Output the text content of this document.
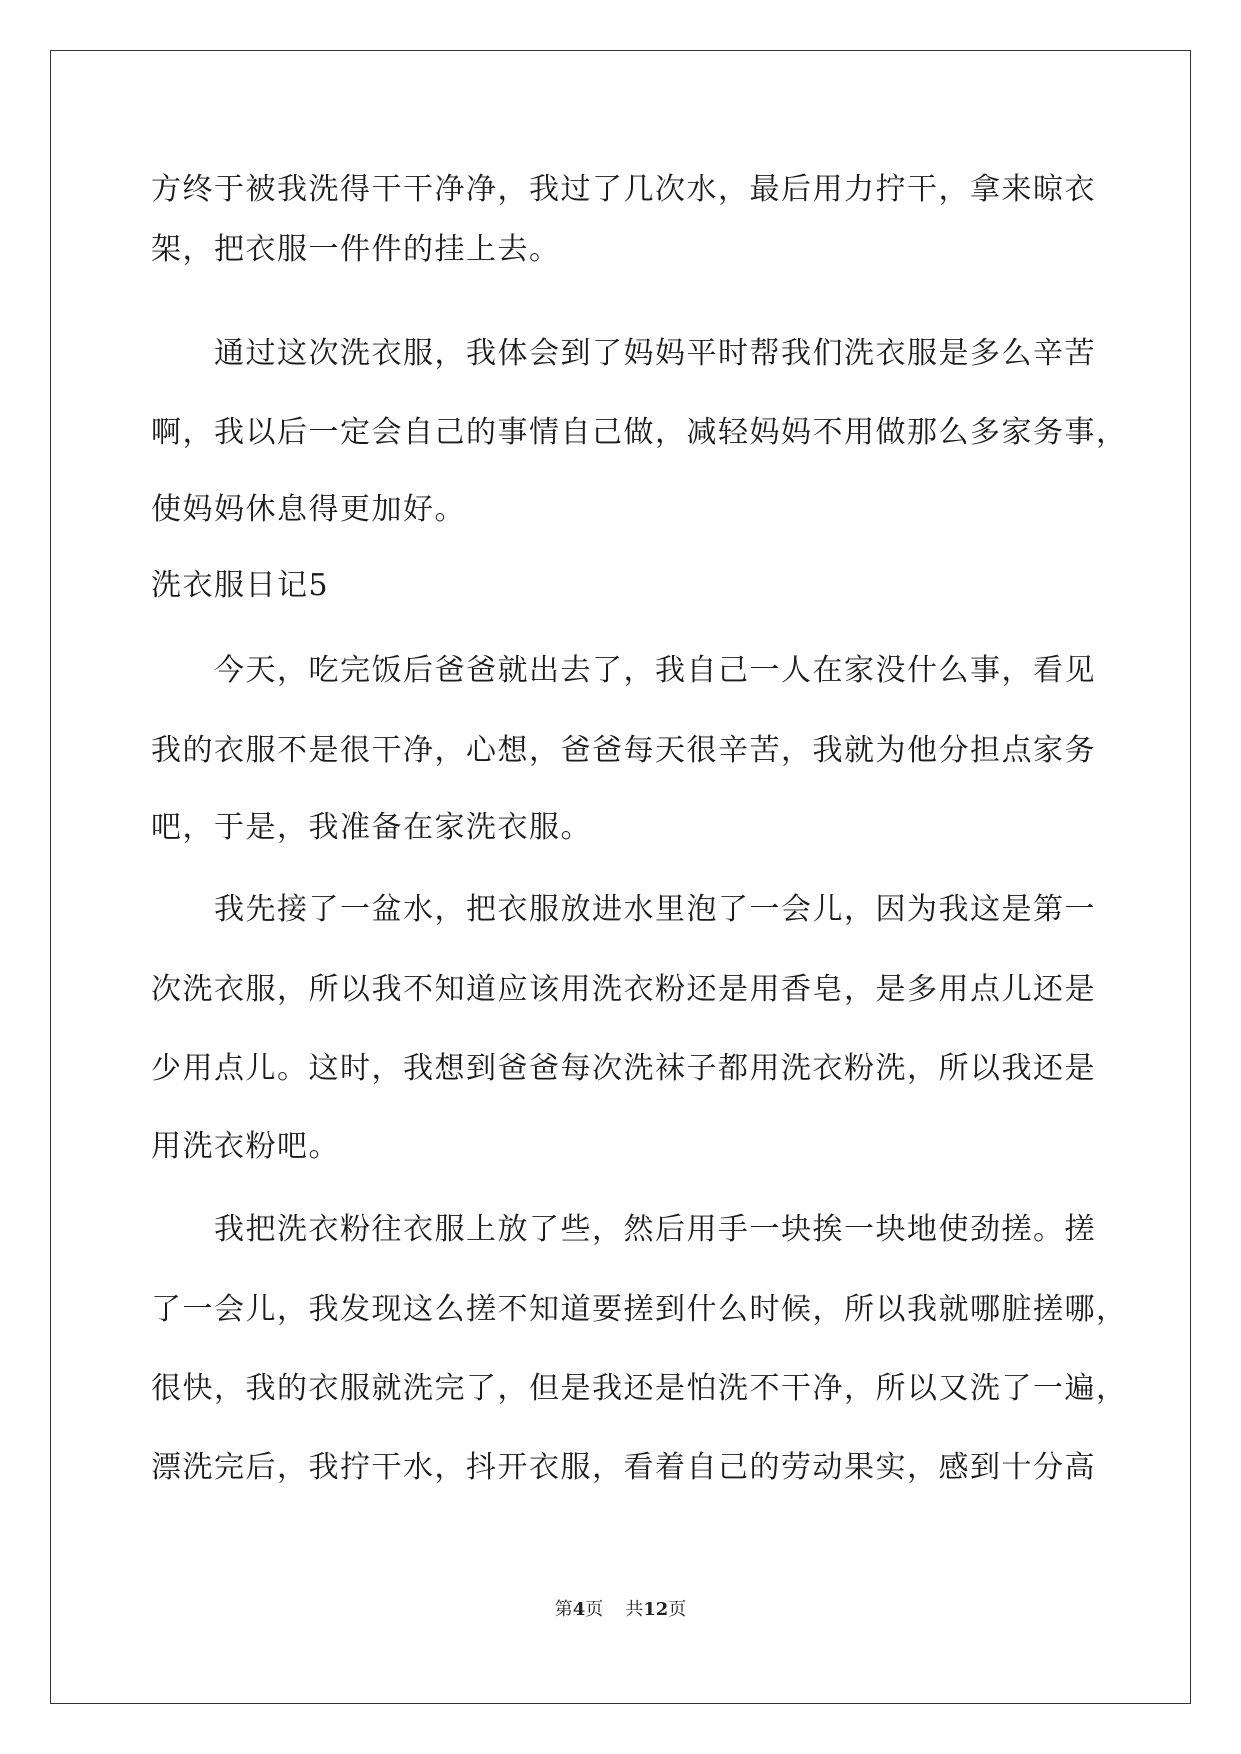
方终于被我洗得干干净净，我过了几次水，最后用力拧干，拿来晾衣
架，把衣服一件件的挂上去。
通过这次洗衣服，我体会到了妈妈平时帮我们洗衣服是多么辛苦
啊，我以后一定会自己的事情自己做，减轻妈妈不用做那么多家务事，
使妈妈休息得更加好。
洗衣服日记5
今天，吃完饭后爸爸就出去了，我自己一人在家没什么事，看见
我的衣服不是很干净，心想，爸爸每天很辛苦，我就为他分担点家务
吧，于是，我准备在家洗衣服。
我先接了一盆水，把衣服放进水里泡了一会儿，因为我这是第一
次洗衣服，所以我不知道应该用洗衣粉还是用香皂，是多用点儿还是
少用点儿。这时，我想到爸爸每次洗袜子都用洗衣粉洗，所以我还是
用洗衣粉吧。
我把洗衣粉往衣服上放了些，然后用手一块挨一块地使劲搓。搓
了一会儿，我发现这么搓不知道要搓到什么时候，所以我就哪脏搓哪，
很快，我的衣服就洗完了，但是我还是怕洗不干净，所以又洗了一遍，
漂洗完后，我拧干水，抖开衣服，看着自己的劳动果实，感到十分高
第4页 共12页
